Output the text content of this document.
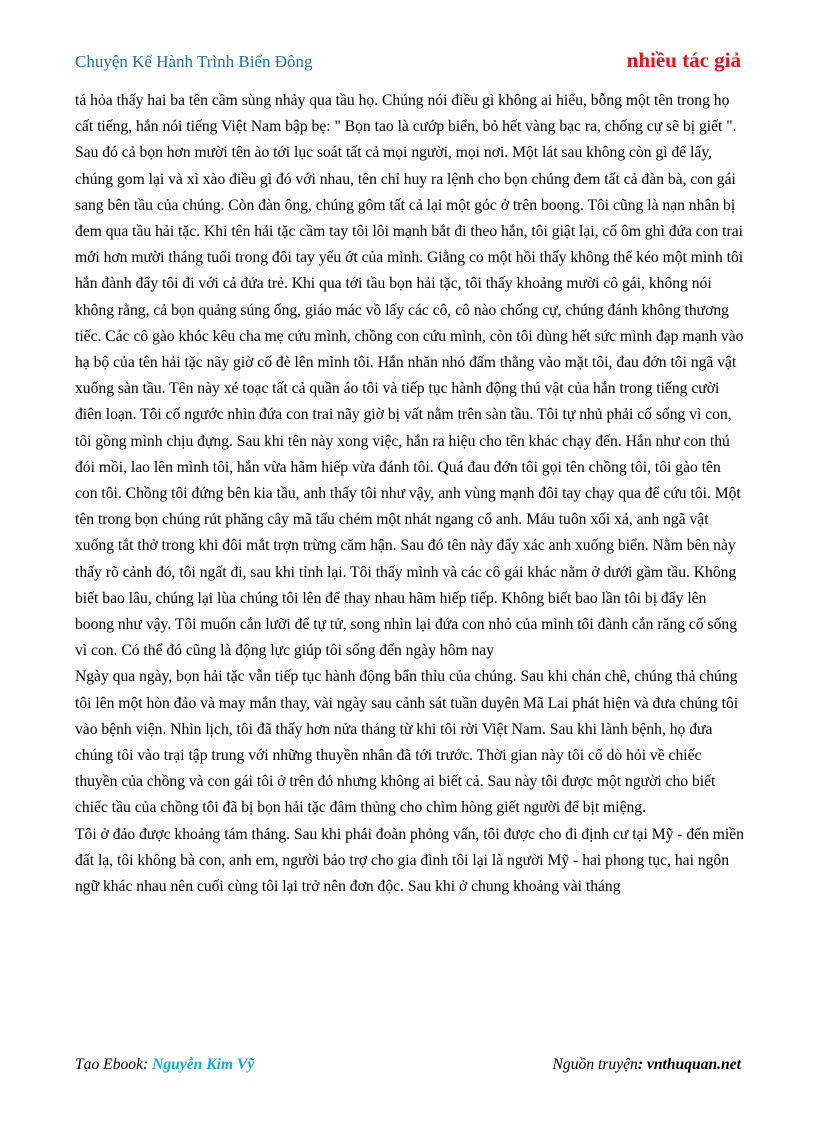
Chuyện Kể Hành Trình Biển Đông	nhiều tác giả

tá hỏa thấy hai ba tên cầm sùng nhảy qua tầu họ. Chúng nói điều gì không ai hiểu, bỗng một tên trong họ cất tiếng, hắn nói tiếng Việt Nam bập bẹ: " Bọn tao là cướp biển, bỏ hết vàng bạc ra, chống cự sẽ bị giết ".

Sau đó cả bọn hơn mười tên ào tới lục soát tất cả mọi người, mọi nơi. Một lát sau không còn gì để lấy, chúng gom lại và xì xào điều gì đó với nhau, tên chỉ huy ra lệnh cho bọn chúng đem tất cả đàn bà, con gái sang bên tầu của chúng. Còn đàn ông, chúng gôm tất cả lại một góc ở trên boong. Tôi cũng là nạn nhân bị đem qua tầu hải tặc. Khi tên hải tặc cầm tay tôi lôi mạnh bắt đi theo hắn, tôi giật lại, cố ôm ghì đứa con trai mới hơn mười tháng tuổi trong đôi tay yếu ớt của mình. Giằng co một hồi thấy không thể kéo một mình tôi hắn đành đẩy tôi đi với cả đứa trẻ. Khi qua tới tầu bọn hải tặc, tôi thấy khoảng mười cô gái, không nói không rằng, cả bọn quảng súng ống, giáo mác vồ lấy các cô, cô nào chống cự, chúng đánh không thương tiếc. Các cô gào khóc kêu cha mẹ cứu mình, chồng con cứu mình, còn tôi dùng hết sức mình đạp mạnh vào hạ bộ của tên hải tặc nãy giờ cố đè lên mình tôi. Hắn nhăn nhó đấm thẳng vào mặt tôi, đau đớn tôi ngã vật xuống sàn tầu. Tên này xé toạc tất cả quần áo tôi và tiếp tục hành động thú vật của hắn trong tiếng cười điên loạn. Tôi cố ngước nhìn đứa con trai nãy giờ bị vất nằm trên sàn tầu. Tôi tự nhủ phải cố sống vì con, tôi gồng mình chịu đựng. Sau khi tên này xong việc, hắn ra hiệu cho tên khác chạy đến. Hắn như con thú đói mồi, lao lên mình tôi, hắn vừa hãm hiếp vừa đánh tôi. Quá đau đớn tôi gọi tên chồng tôi, tôi gào tên con tôi. Chồng tôi đứng bên kia tầu, anh thấy tôi như vậy, anh vùng mạnh đôi tay chạy qua để cứu tôi. Một tên trong bọn chúng rút phăng cây mã tấu chém một nhát ngang cổ anh. Máu tuôn xối xả, anh ngã vật xuống tắt thở trong khi đôi mắt trợn trừng căm hận. Sau đó tên này đẩy xác anh xuống biển. Nằm bên này thấy rõ cảnh đó, tôi ngất đi, sau khi tỉnh lại. Tôi thấy mình và các cô gái khác nằm ở dưới gầm tầu. Không biết bao lâu, chúng lại lùa chúng tôi lên để thay nhau hãm hiếp tiếp. Không biết bao lần tôi bị đẩy lên boong như vậy. Tôi muốn cắn lưỡi để tự tử, song nhìn lại đứa con nhỏ của mình tôi đành cắn răng cố sống vì con. Có thể đó cũng là động lực giúp tôi sống đến ngày hôm nay

Ngày qua ngày, bọn hải tặc vẫn tiếp tục hành động bẩn thỉu của chúng. Sau khi chán chê, chúng thả chúng tôi lên một hòn đảo và may mắn thay, vài ngày sau cảnh sát tuần duyên Mã Lai phát hiện và đưa chúng tôi vào bệnh viện. Nhìn lịch, tôi đã thấy hơn nửa tháng từ khi tôi rời Việt Nam. Sau khi lành bệnh, họ đưa chúng tôi vào trại tập trung với những thuyền nhân đã tới trước. Thời gian này tôi cố dò hỏi về chiếc thuyền của chồng và con gái tôi ở trên đó nhưng không ai biết cả. Sau này tôi được một người cho biết chiếc tầu của chồng tôi đã bị bọn hải tặc đâm thủng cho chìm hòng giết người để bịt miệng.

Tôi ở đảo được khoảng tám tháng. Sau khi phái đoàn phỏng vấn, tôi được cho đi định cư tại Mỹ - đến miền đất lạ, tôi không bà con, anh em, người bảo trợ cho gia đình tôi lại là người Mỹ - hai phong tục, hai ngôn ngữ khác nhau nên cuối cùng tôi lại trở nên đơn độc. Sau khi ở chung khoảng vài tháng

Tạo Ebook: Nguyễn Kim Vỹ	Nguồn truyện: vnthuquan.net
